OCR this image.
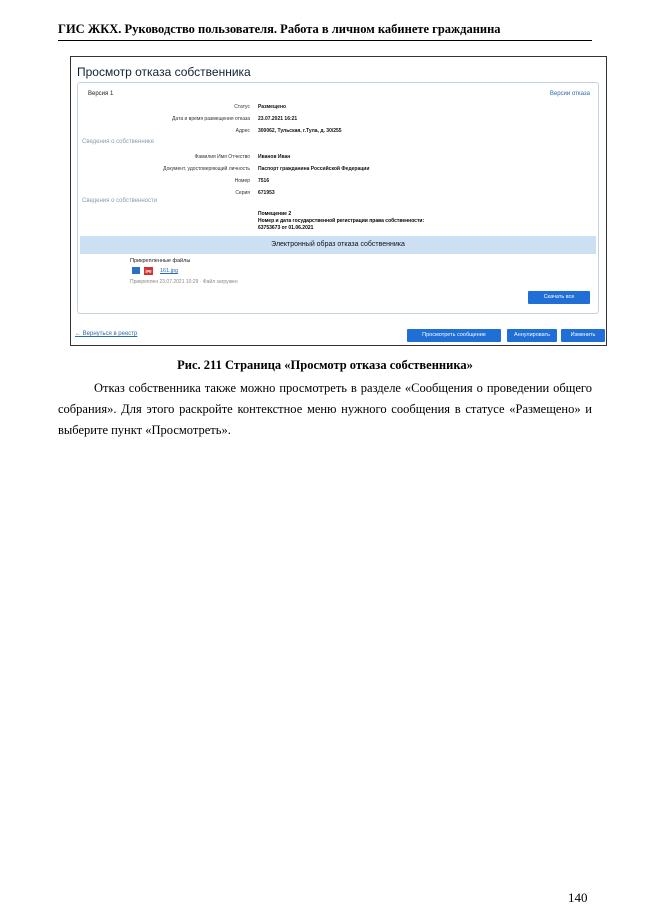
ГИС ЖКХ. Руководство пользователя. Работа в личном кабинете гражданина
Просмотр отказа собственника
Версия 1	Версии отказа
Статус Размещено
Дата и время размещения отказа 23.07.2021 16:21
Адрес 300062, Тульская, г.Тула, д. 30/255
Сведения о собственнике
Фамилия Имя Отчество Иванов Иван
Документ, удостоверяющий личность Паспорт гражданина Российской Федерации
Номер 7516
Серия 671953
Сведения о собственности
Помещение 2
Номер и дата государственной регистрации права собственности:
63753673 от 01.06.2021
Электронный образ отказа собственника
Прикрепленные файлы
jpg 161.jpg
Прикреплен 23.07.2021 10:29 · Файл загружен
Скачать все
← Вернуться в реестр	Просмотреть сообщение	Аннулировать	Изменить
Рис. 211 Страница «Просмотр отказа собственника»
Отказ собственника также можно просмотреть в разделе «Сообщения о проведении общего собрания». Для этого раскройте контекстное меню нужного сообщения в статусе «Размещено» и выберите пункт «Просмотреть».
140
